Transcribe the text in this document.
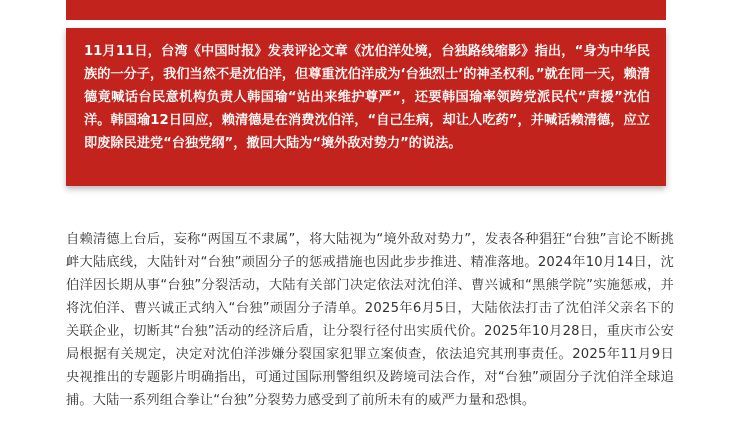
11月11日，台湾《中国时报》发表评论文章《沈伯洋处境，台独路线缩影》指出，“身为中华民族的一分子，我们当然不是沈伯洋，但尊重沈伯洋成为‘台独烈士’的神圣权利。”就在同一天，赖清德竟喊话台民意机构负责人韩国瑜“站出来维护尊严”，还要韩国瑜率领跨党派民代“声援”沈伯洋。韩国瑜12日回应，赖清德是在消费沈伯洋，“自己生病，却让人吃药”，并喊话赖清德，应立即废除民进党“台独党纲”，撤回大陆为“境外敌对势力”的说法。

自赖清德上台后，妄称“两国互不隶属”，将大陆视为“境外敌对势力”，发表各种猖狂“台独”言论不断挑衅大陆底线，大陆针对“台独”顽固分子的惩戒措施也因此步步推进、精准落地。2024年10月14日，沈伯洋因长期从事“台独”分裂活动，大陆有关部门决定依法对沈伯洋、曹兴诚和“黑熊学院”实施惩戒，并将沈伯洋、曹兴诚正式纳入“台独”顽固分子清单。2025年6月5日，大陆依法打击了沈伯洋父亲名下的关联企业，切断其“台独”活动的经济后盾，让分裂行径付出实质代价。2025年10月28日，重庆市公安局根据有关规定，决定对沈伯洋涉嫌分裂国家犯罪立案侦查，依法追究其刑事责任。2025年11月9日央视推出的专题影片明确指出，可通过国际刑警组织及跨境司法合作，对“台独”顽固分子沈伯洋全球追捕。大陆一系列组合拳让“台独”分裂势力感受到了前所未有的威严力量和恐惧。
